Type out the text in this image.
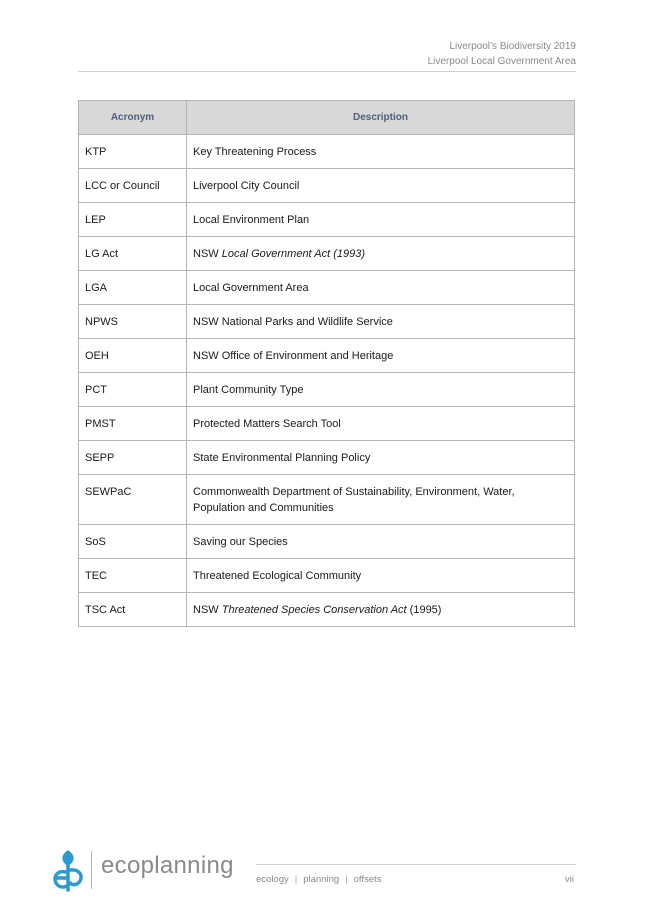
Liverpool’s Biodiversity 2019
Liverpool Local Government Area
Acronym	Description
KTP	Key Threatening Process
LCC or Council	Liverpool City Council
LEP	Local Environment Plan
LG Act	NSW Local Government Act (1993)
LGA	Local Government Area
NPWS	NSW National Parks and Wildlife Service
OEH	NSW Office of Environment and Heritage
PCT	Plant Community Type
PMST	Protected Matters Search Tool
SEPP	State Environmental Planning Policy
SEWPaC	Commonwealth Department of Sustainability, Environment, Water, Population and Communities
SoS	Saving our Species
TEC	Threatened Ecological Community
TSC Act	NSW Threatened Species Conservation Act (1995)
ecoplanning
ecology | planning | offsets	vii
